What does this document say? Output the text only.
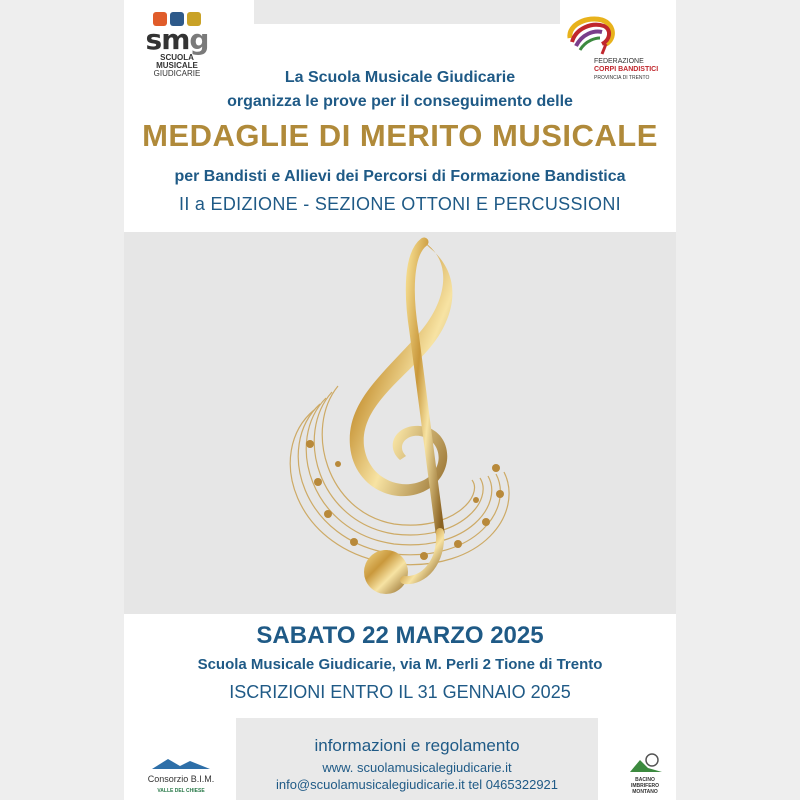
smg
SCUOLA
MUSICALE
GIUDICARIE
FEDERAZIONE
CORPI BANDISTICI
PROVINCIA DI TRENTO
La Scuola Musicale Giudicarie
organizza le prove per il conseguimento delle
MEDAGLIE DI MERITO MUSICALE
per Bandisti e Allievi dei Percorsi di Formazione Bandistica
II a EDIZIONE - SEZIONE OTTONI E PERCUSSIONI
SABATO 22 MARZO 2025
Scuola Musicale Giudicarie, via M. Perli 2 Tione di Trento
ISCRIZIONI ENTRO IL 31 GENNAIO 2025
informazioni e regolamento
www. scuolamusicalegiudicarie.it
info@scuolamusicalegiudicarie.it tel 0465322921
Consorzio B.I.M.
VALLE DEL CHIESE
BACINO
IMBRIFERO
MONTANO
